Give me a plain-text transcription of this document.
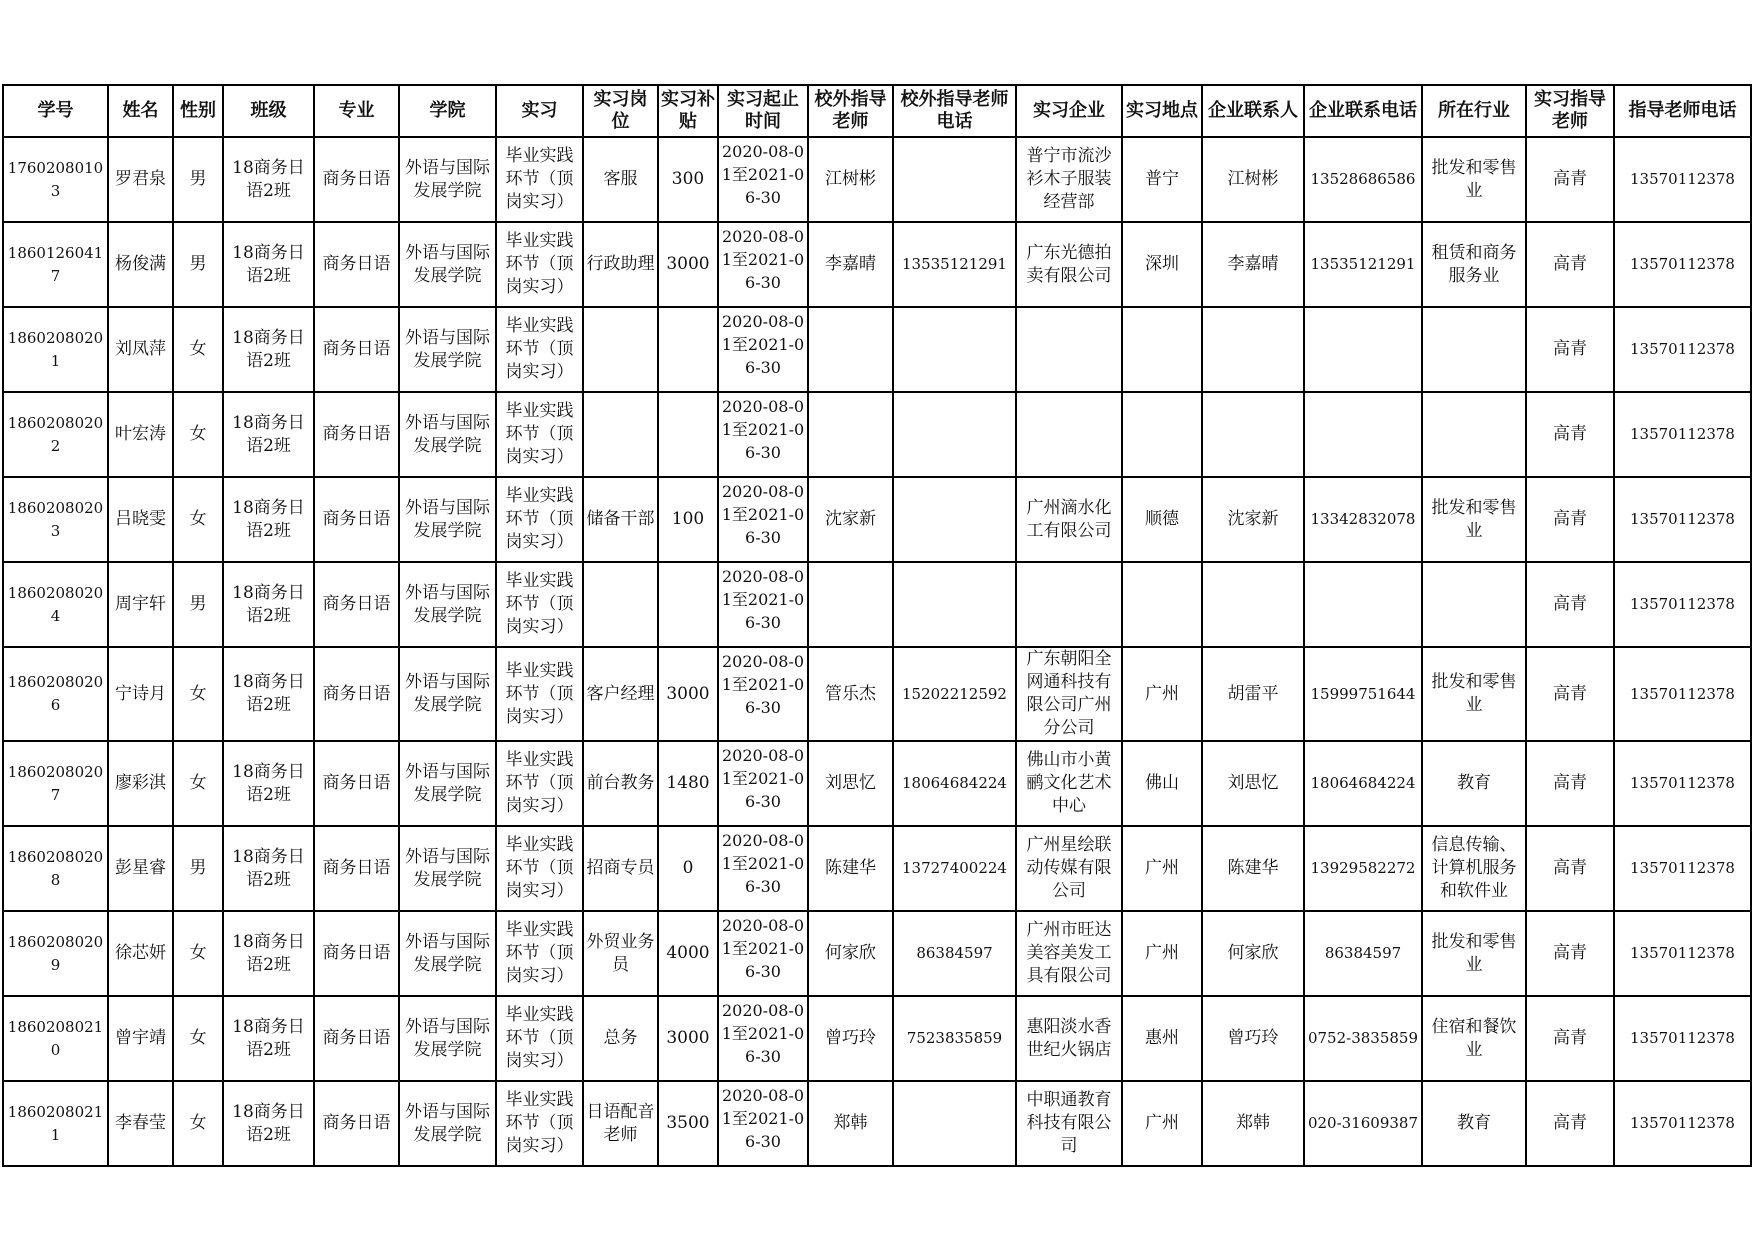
学号	姓名	性别	班级	专业	学院	实习	实习岗位	实习补贴	实习起止时间	校外指导老师	校外指导老师电话	实习企业	实习地点	企业联系人	企业联系电话	所在行业	实习指导老师	指导老师电话
17602080103	罗君泉	男	18商务日语2班	商务日语	外语与国际发展学院	毕业实践环节（顶岗实习）	客服	300	2020-08-01至2021-06-30	江树彬		普宁市流沙衫木子服装经营部	普宁	江树彬	13528686586	批发和零售业	高青	13570112378
18601260417	杨俊满	男	18商务日语2班	商务日语	外语与国际发展学院	毕业实践环节（顶岗实习）	行政助理	3000	2020-08-01至2021-06-30	李嘉晴	13535121291	广东光德拍卖有限公司	深圳	李嘉晴	13535121291	租赁和商务服务业	高青	13570112378
18602080201	刘凤萍	女	18商务日语2班	商务日语	外语与国际发展学院	毕业实践环节（顶岗实习）			2020-08-01至2021-06-30								高青	13570112378
18602080202	叶宏涛	女	18商务日语2班	商务日语	外语与国际发展学院	毕业实践环节（顶岗实习）			2020-08-01至2021-06-30								高青	13570112378
18602080203	吕晓雯	女	18商务日语2班	商务日语	外语与国际发展学院	毕业实践环节（顶岗实习）	储备干部	100	2020-08-01至2021-06-30	沈家新		广州滴水化工有限公司	顺德	沈家新	13342832078	批发和零售业	高青	13570112378
18602080204	周宇轩	男	18商务日语2班	商务日语	外语与国际发展学院	毕业实践环节（顶岗实习）			2020-08-01至2021-06-30								高青	13570112378
18602080206	宁诗月	女	18商务日语2班	商务日语	外语与国际发展学院	毕业实践环节（顶岗实习）	客户经理	3000	2020-08-01至2021-06-30	管乐杰	15202212592	广东朝阳全网通科技有限公司广州分公司	广州	胡雷平	15999751644	批发和零售业	高青	13570112378
18602080207	廖彩淇	女	18商务日语2班	商务日语	外语与国际发展学院	毕业实践环节（顶岗实习）	前台教务	1480	2020-08-01至2021-06-30	刘思忆	18064684224	佛山市小黄鹂文化艺术中心	佛山	刘思忆	18064684224	教育	高青	13570112378
18602080208	彭星睿	男	18商务日语2班	商务日语	外语与国际发展学院	毕业实践环节（顶岗实习）	招商专员	0	2020-08-01至2021-06-30	陈建华	13727400224	广州星绘联动传媒有限公司	广州	陈建华	13929582272	信息传输、计算机服务和软件业	高青	13570112378
18602080209	徐芯妍	女	18商务日语2班	商务日语	外语与国际发展学院	毕业实践环节（顶岗实习）	外贸业务员	4000	2020-08-01至2021-06-30	何家欣	86384597	广州市旺达美容美发工具有限公司	广州	何家欣	86384597	批发和零售业	高青	13570112378
18602080210	曾宇靖	女	18商务日语2班	商务日语	外语与国际发展学院	毕业实践环节（顶岗实习）	总务	3000	2020-08-01至2021-06-30	曾巧玲	7523835859	惠阳淡水香世纪火锅店	惠州	曾巧玲	0752-3835859	住宿和餐饮业	高青	13570112378
18602080211	李春莹	女	18商务日语2班	商务日语	外语与国际发展学院	毕业实践环节（顶岗实习）	日语配音老师	3500	2020-08-01至2021-06-30	郑韩		中职通教育科技有限公司	广州	郑韩	020-31609387	教育	高青	13570112378
